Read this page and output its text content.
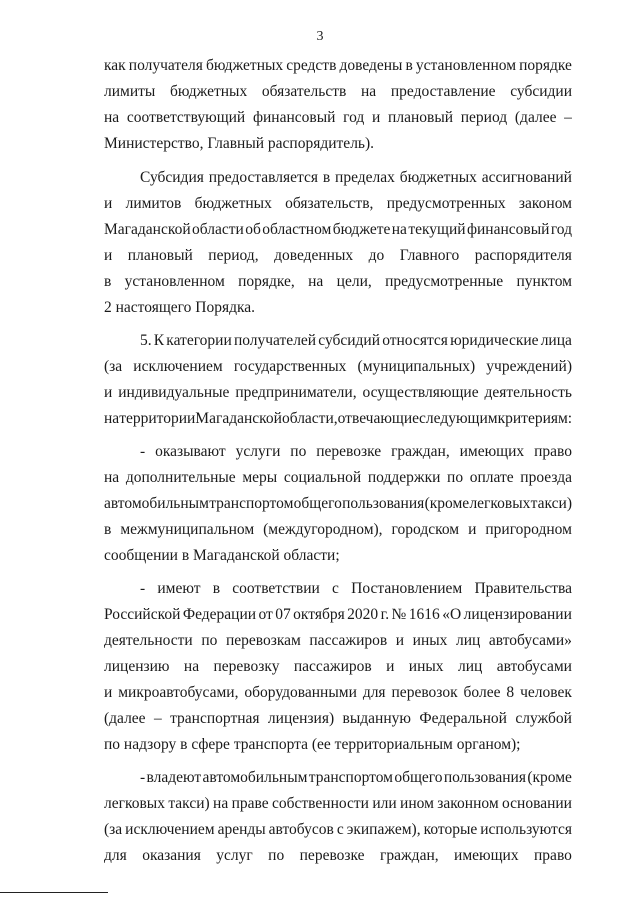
3
как получателя бюджетных средств доведены в установленном порядке
лимиты бюджетных обязательств на предоставление субсидии
на соответствующий финансовый год и плановый период (далее –
Министерство, Главный распорядитель).
Субсидия предоставляется в пределах бюджетных ассигнований
и лимитов бюджетных обязательств, предусмотренных законом
Магаданской области об областном бюджете на текущий финансовый год
и плановый период, доведенных до Главного распорядителя
в установленном порядке, на цели, предусмотренные пунктом
2 настоящего Порядка.
5. К категории получателей субсидий относятся юридические лица
(за исключением государственных (муниципальных) учреждений)
и индивидуальные предприниматели, осуществляющие деятельность
на территории Магаданской области, отвечающие следующим критериям:
- оказывают услуги по перевозке граждан, имеющих право
на дополнительные меры социальной поддержки по оплате проезда
автомобильным транспортом общего пользования (кроме легковых такси)
в межмуниципальном (междугородном), городском и пригородном
сообщении в Магаданской области;
- имеют в соответствии с Постановлением Правительства
Российской Федерации от 07 октября 2020 г. № 1616 «О лицензировании
деятельности по перевозкам пассажиров и иных лиц автобусами»
лицензию на перевозку пассажиров и иных лиц автобусами
и микроавтобусами, оборудованными для перевозок более 8 человек
(далее – транспортная лицензия) выданную Федеральной службой
по надзору в сфере транспорта (ее территориальным органом);
- владеют автомобильным транспортом общего пользования (кроме
легковых такси) на праве собственности или ином законном основании
(за исключением аренды автобусов с экипажем), которые используются
для оказания услуг по перевозке граждан, имеющих право
